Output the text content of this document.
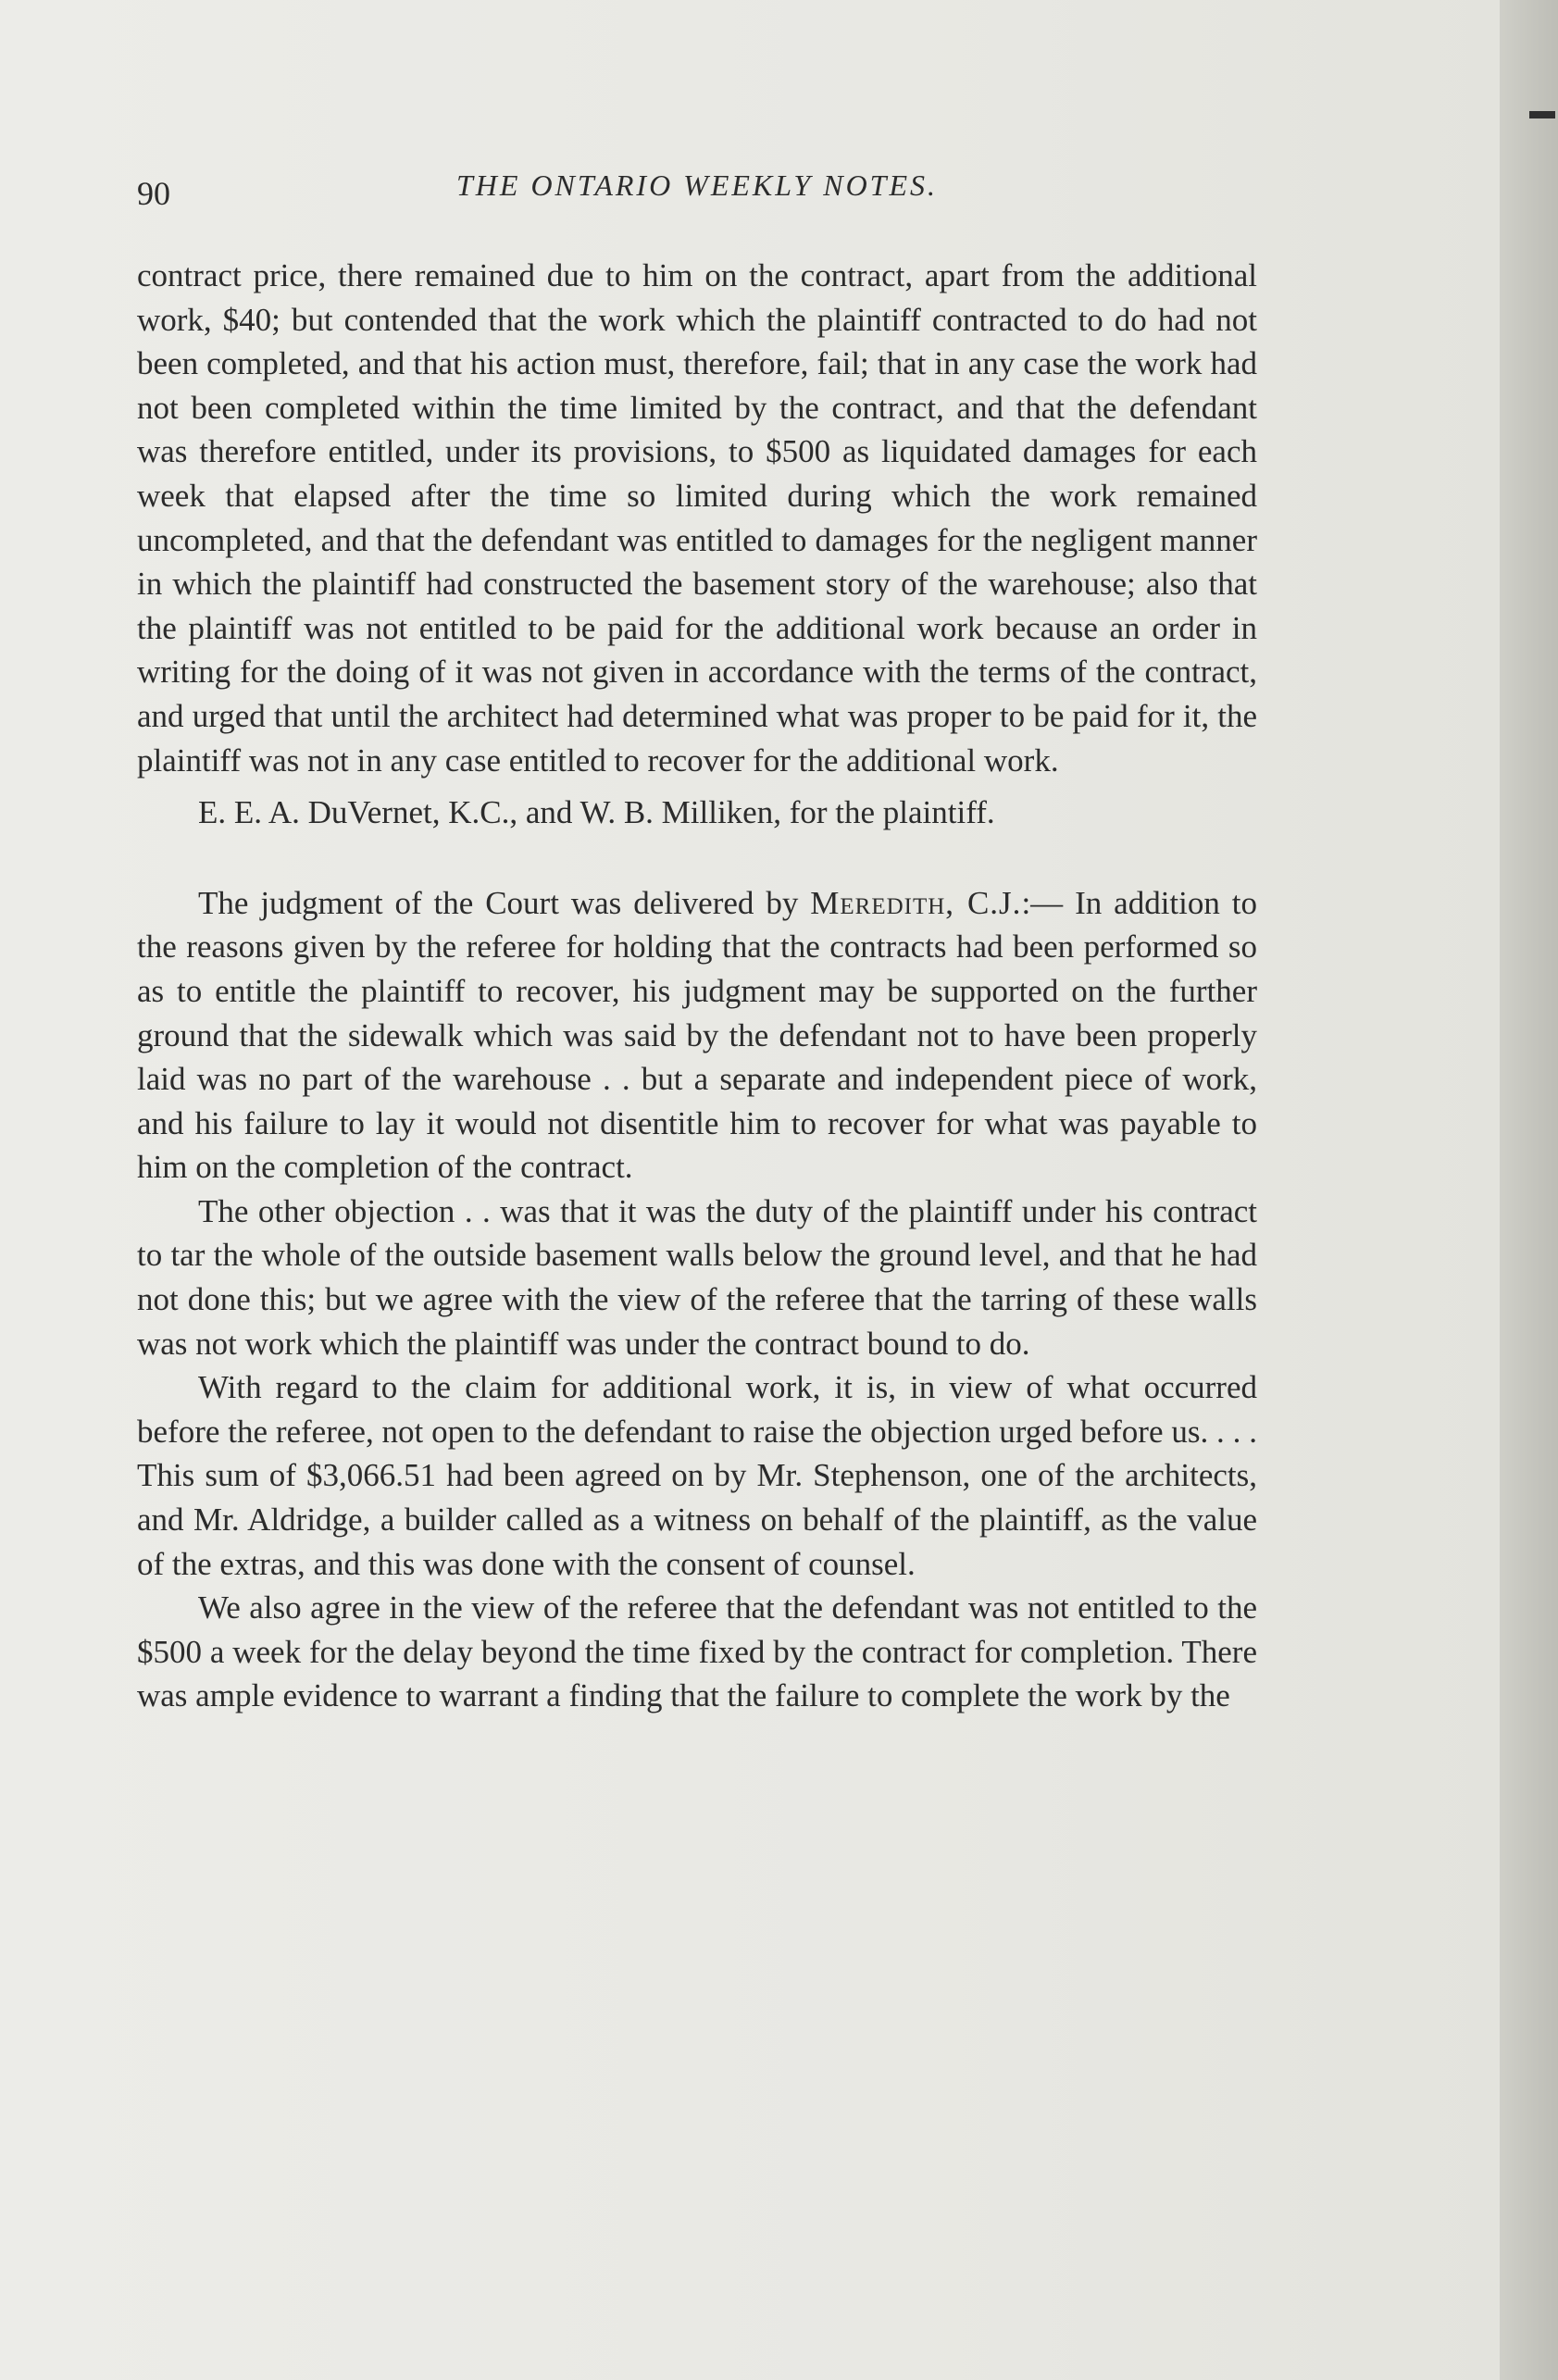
90	THE ONTARIO WEEKLY NOTES.

contract price, there remained due to him on the contract, apart from the additional work, $40; but contended that the work which the plaintiff contracted to do had not been completed, and that his action must, therefore, fail; that in any case the work had not been completed within the time limited by the contract, and that the defendant was therefore entitled, under its provisions, to $500 as liquidated damages for each week that elapsed after the time so limited during which the work remained uncompleted, and that the defendant was entitled to damages for the negligent manner in which the plaintiff had constructed the basement story of the warehouse; also that the plaintiff was not entitled to be paid for the additional work because an order in writing for the doing of it was not given in accordance with the terms of the contract, and urged that until the architect had determined what was proper to be paid for it, the plaintiff was not in any case entitled to recover for the additional work.

E. E. A. DuVernet, K.C., and W. B. Milliken, for the plaintiff.

The judgment of the Court was delivered by Meredith, C.J.:— In addition to the reasons given by the referee for holding that the contracts had been performed so as to entitle the plaintiff to recover, his judgment may be supported on the further ground that the sidewalk which was said by the defendant not to have been properly laid was no part of the warehouse . . but a separate and independent piece of work, and his failure to lay it would not disentitle him to recover for what was payable to him on the completion of the contract.

The other objection . . was that it was the duty of the plaintiff under his contract to tar the whole of the outside basement walls below the ground level, and that he had not done this; but we agree with the view of the referee that the tarring of these walls was not work which the plaintiff was under the contract bound to do.

With regard to the claim for additional work, it is, in view of what occurred before the referee, not open to the defendant to raise the objection urged before us. . . . This sum of $3,066.51 had been agreed on by Mr. Stephenson, one of the architects, and Mr. Aldridge, a builder called as a witness on behalf of the plaintiff, as the value of the extras, and this was done with the consent of counsel.

We also agree in the view of the referee that the defendant was not entitled to the $500 a week for the delay beyond the time fixed by the contract for completion. There was ample evidence to warrant a finding that the failure to complete the work by the
